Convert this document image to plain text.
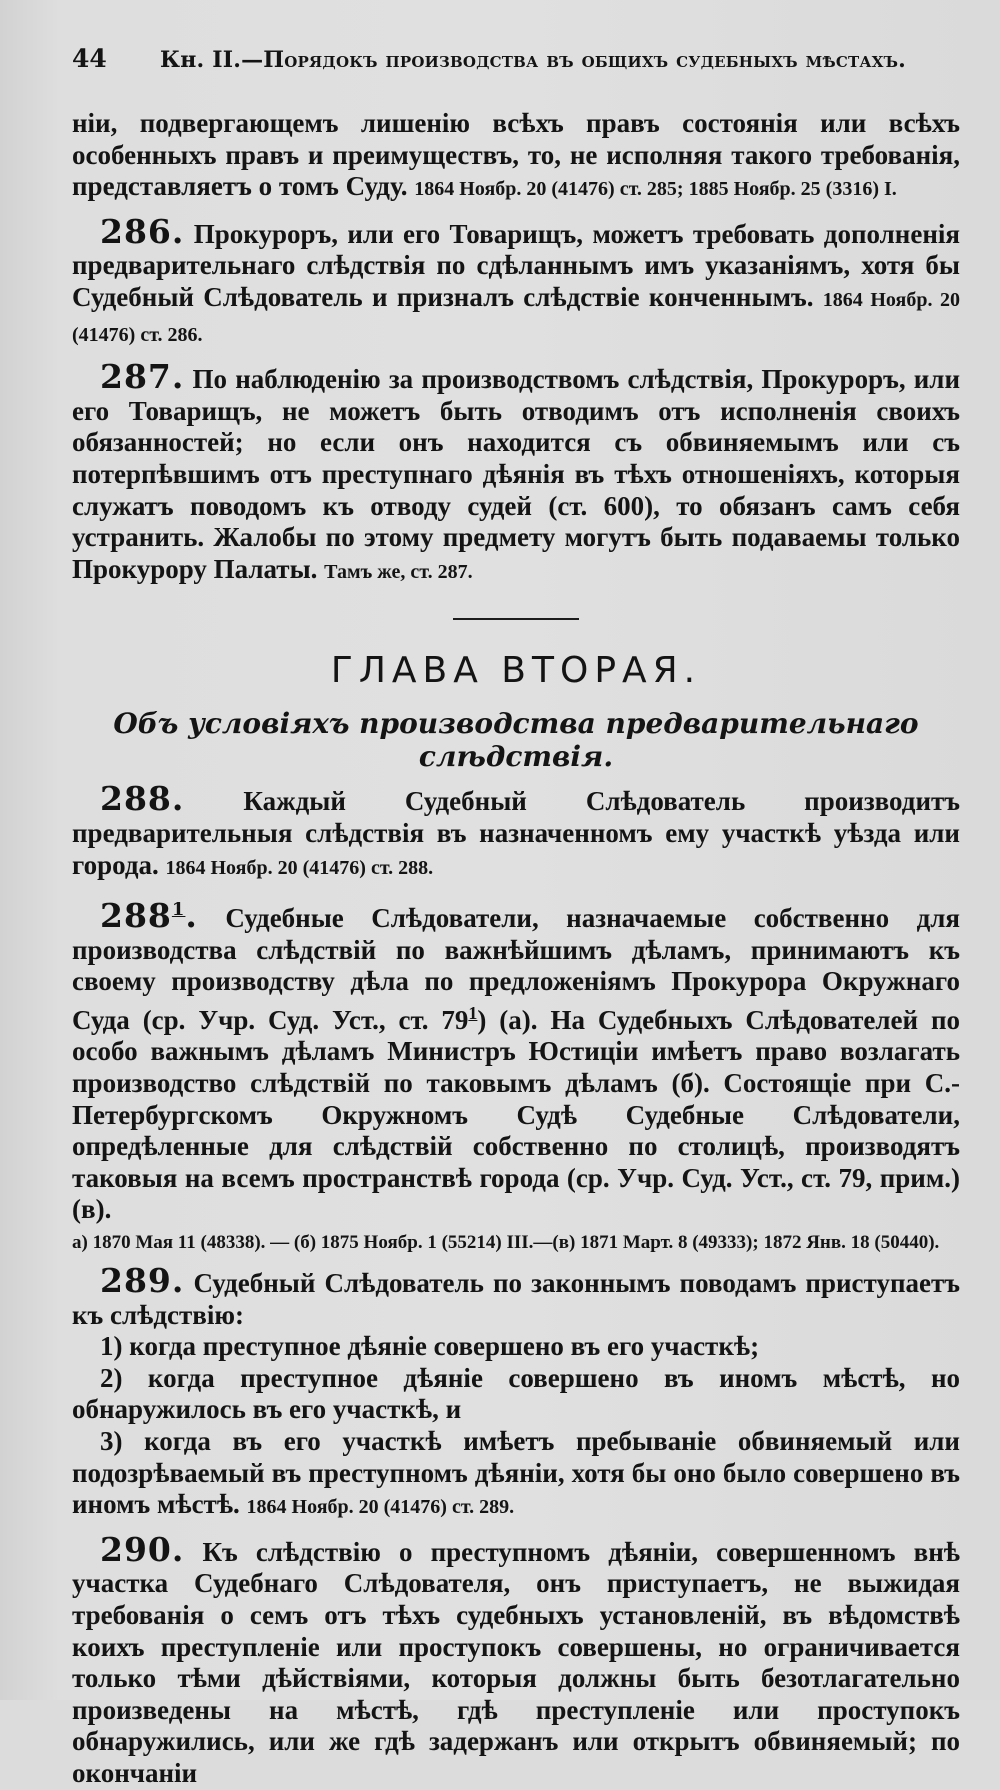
44	Кн. II.—Порядокъ производства въ общихъ судебныхъ мѣстахъ.

ніи, подвергающемъ лишенію всѣхъ правъ состоянія или всѣхъ особенныхъ правъ и преимуществъ, то, не исполняя такого требованія, представляетъ о томъ Суду. 1864 Ноябр. 20 (41476) ст. 285; 1885 Ноябр. 25 (3316) I.

286. Прокуроръ, или его Товарищъ, можетъ требовать дополненія предварительнаго слѣдствія по сдѣланнымъ имъ указаніямъ, хотя бы Судебный Слѣдователь и призналъ слѣдствіе конченнымъ. 1864 Ноябр. 20 (41476) ст. 286.

287. По наблюденію за производствомъ слѣдствія, Прокуроръ, или его Товарищъ, не можетъ быть отводимъ отъ исполненія своихъ обязанностей; но если онъ находится съ обвиняемымъ или съ потерпѣвшимъ отъ преступнаго дѣянія въ тѣхъ отношеніяхъ, которыя служатъ поводомъ къ отводу судей (ст. 600), то обязанъ самъ себя устранить. Жалобы по этому предмету могутъ быть подаваемы только Прокурору Палаты. Тамъ же, ст. 287.

ГЛАВА ВТОРАЯ.
Объ условіяхъ производства предварительнаго слѣдствія.

288. Каждый Судебный Слѣдователь производитъ предварительныя слѣдствія въ назначенномъ ему участкѣ уѣзда или города. 1864 Ноябр. 20 (41476) ст. 288.

$288^1$. Судебные Слѣдователи, назначаемые собственно для производства слѣдствій по важнѣйшимъ дѣламъ, принимаютъ къ своему производству дѣла по предложеніямъ Прокурора Окружнаго Суда (ср. Учр. Суд. Уст., ст. $79^1$) (а). На Судебныхъ Слѣдователей по особо важнымъ дѣламъ Министръ Юстиціи имѣетъ право возлагать производство слѣдствій по таковымъ дѣламъ (б). Состоящіе при С.-Петербургскомъ Окружномъ Судѣ Судебные Слѣдователи, опредѣленные для слѣдствій собственно по столицѣ, производятъ таковыя на всемъ пространствѣ города (ср. Учр. Суд. Уст., ст. 79, прим.) (в).

а) 1870 Мая 11 (48338). — (б) 1875 Ноябр. 1 (55214) III.—(в) 1871 Март. 8 (49333); 1872 Янв. 18 (50440).

289. Судебный Слѣдователь по законнымъ поводамъ приступаетъ къ слѣдствію:

1) когда преступное дѣяніе совершено въ его участкѣ;

2) когда преступное дѣяніе совершено въ иномъ мѣстѣ, но обнаружилось въ его участкѣ, и

3) когда въ его участкѣ имѣетъ пребываніе обвиняемый или подозрѣваемый въ преступномъ дѣяніи, хотя бы оно было совершено въ иномъ мѣстѣ. 1864 Ноябр. 20 (41476) ст. 289.

290. Къ слѣдствію о преступномъ дѣяніи, совершенномъ внѣ участка Судебнаго Слѣдователя, онъ приступаетъ, не выжидая требованія о семъ отъ тѣхъ судебныхъ установленій, въ вѣдомствѣ коихъ преступленіе или проступокъ совершены, но ограничивается только тѣми дѣйствіями, которыя должны быть безотлагательно произведены на мѣстѣ, гдѣ преступленіе или проступокъ обнаружились, или же гдѣ задержанъ или открытъ обвиняемый; по окончаніи
